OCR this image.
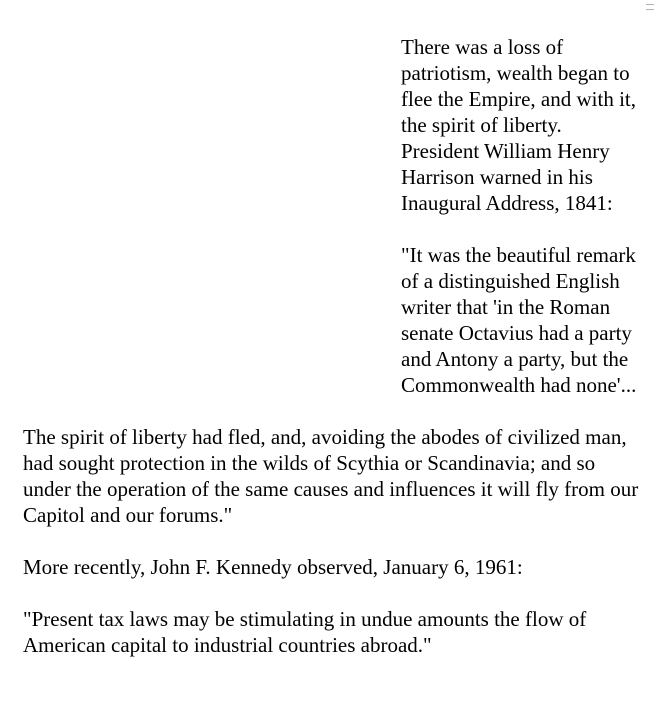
There was a loss of patriotism, wealth began to flee the Empire, and with it, the spirit of liberty. President William Henry Harrison warned in his Inaugural Address, 1841:

"It was the beautiful remark of a distinguished English writer that 'in the Roman senate Octavius had a party and Antony a party, but the Commonwealth had none'...

The spirit of liberty had fled, and, avoiding the abodes of civilized man, had sought protection in the wilds of Scythia or Scandinavia; and so under the operation of the same causes and influences it will fly from our Capitol and our forums."

More recently, John F. Kennedy observed, January 6, 1961:

"Present tax laws may be stimulating in undue amounts the flow of American capital to industrial countries abroad."
